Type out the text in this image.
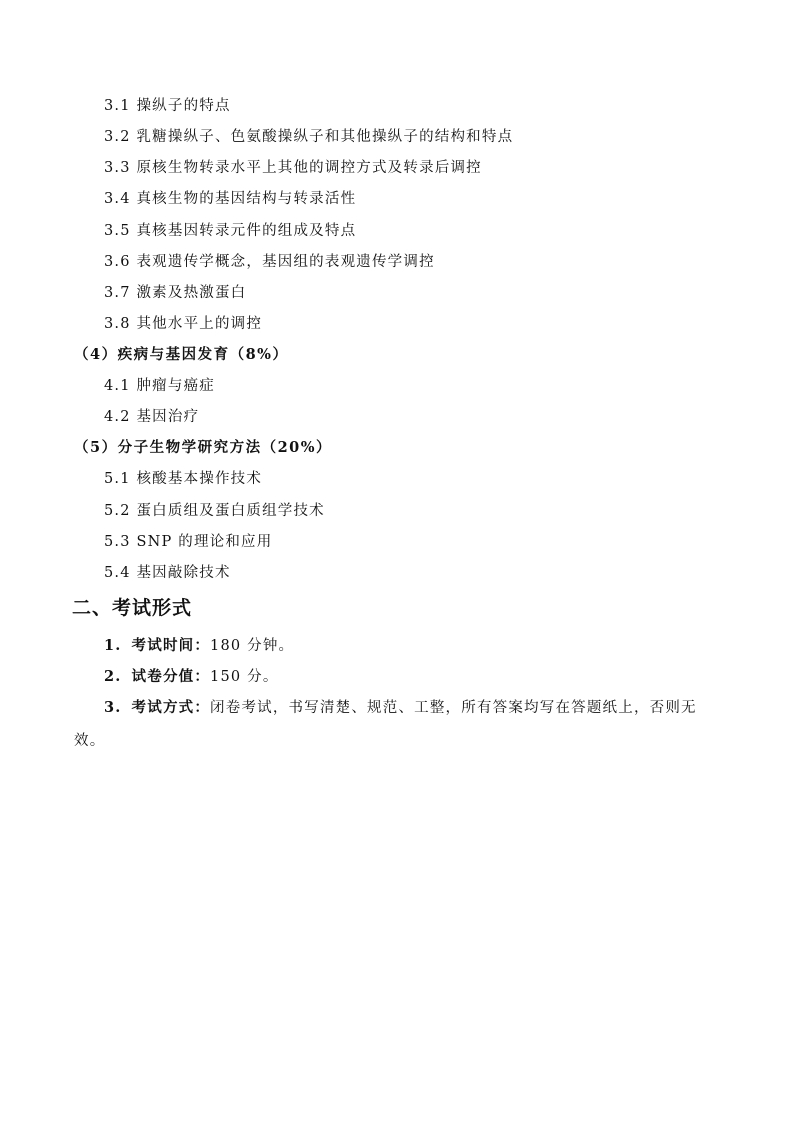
3.1 操纵子的特点
3.2 乳糖操纵子、色氨酸操纵子和其他操纵子的结构和特点
3.3 原核生物转录水平上其他的调控方式及转录后调控
3.4 真核生物的基因结构与转录活性
3.5 真核基因转录元件的组成及特点
3.6 表观遗传学概念，基因组的表观遗传学调控
3.7 激素及热激蛋白
3.8 其他水平上的调控
（4）疾病与基因发育（8%）
4.1 肿瘤与癌症
4.2 基因治疗
（5）分子生物学研究方法（20%）
5.1 核酸基本操作技术
5.2 蛋白质组及蛋白质组学技术
5.3 SNP 的理论和应用
5.4 基因敲除技术
二、考试形式
1. 考试时间：180 分钟。
2. 试卷分值：150 分。
3. 考试方式：闭卷考试，书写清楚、规范、工整，所有答案均写在答题纸上，否则无
效。
